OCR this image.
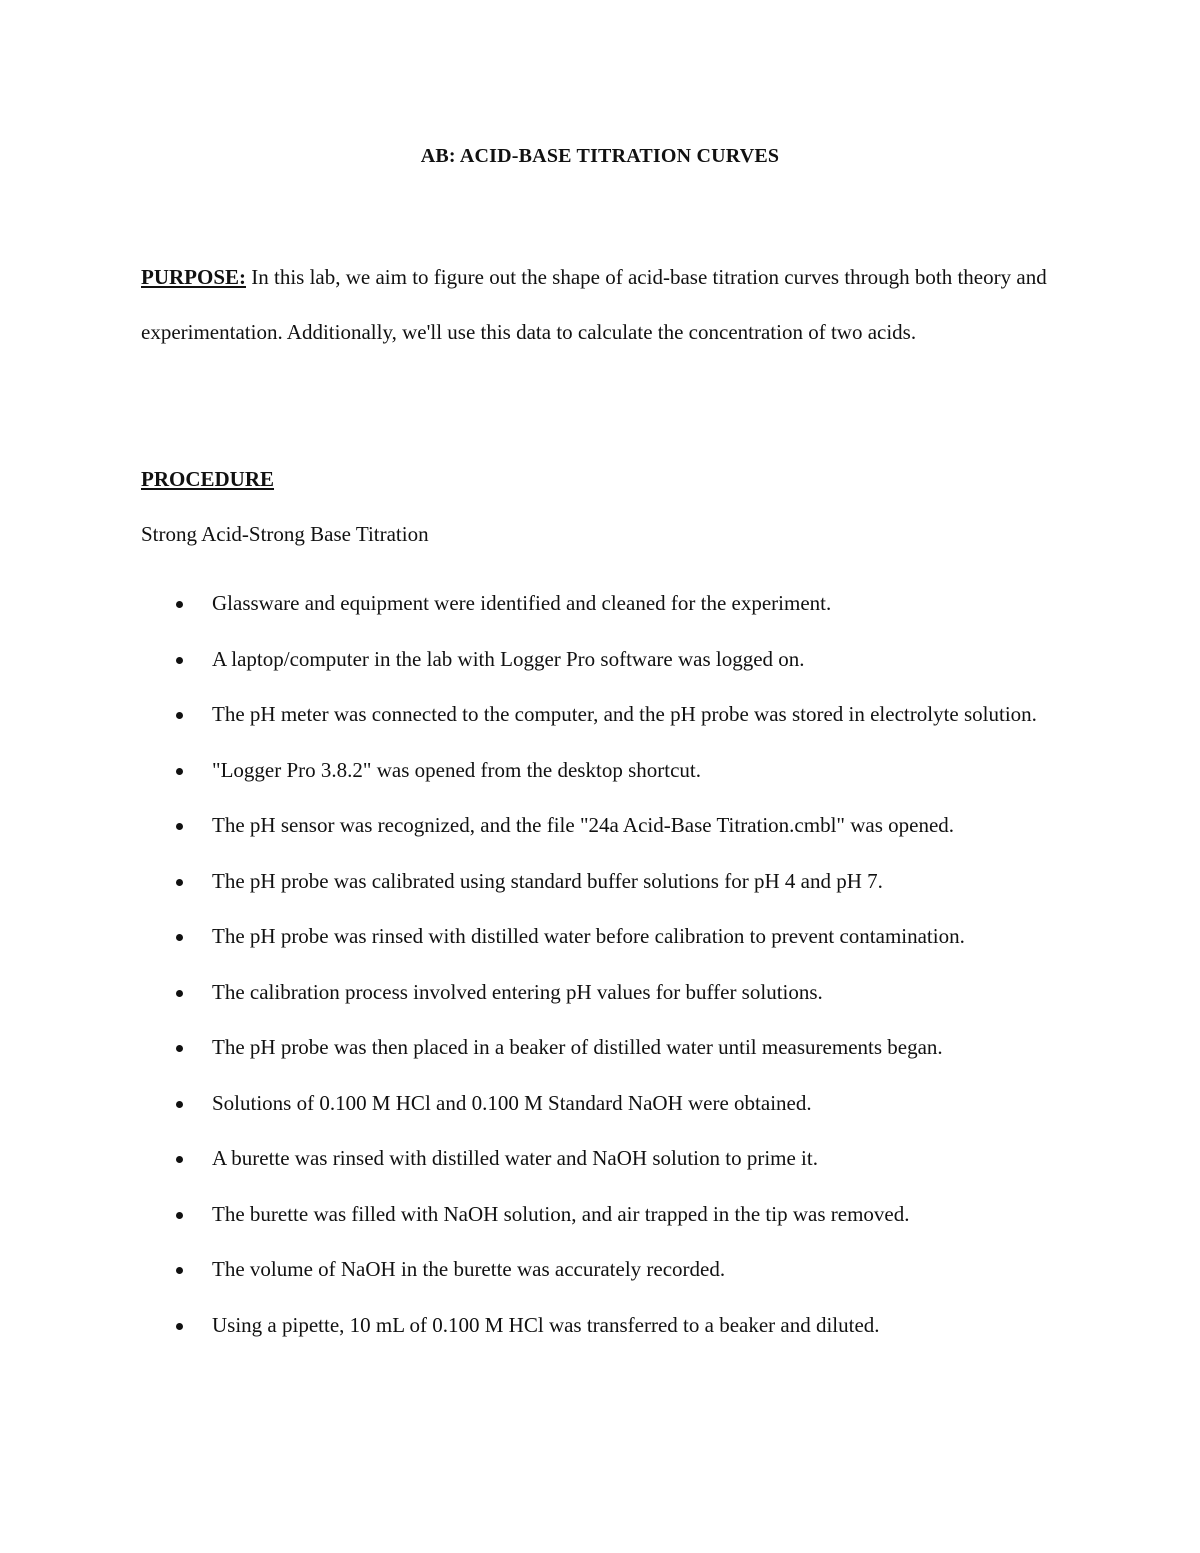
AB: ACID-BASE TITRATION CURVES
PURPOSE: In this lab, we aim to figure out the shape of acid-base titration curves through both theory and experimentation. Additionally, we'll use this data to calculate the concentration of two acids.
PROCEDURE
Strong Acid-Strong Base Titration
Glassware and equipment were identified and cleaned for the experiment.
A laptop/computer in the lab with Logger Pro software was logged on.
The pH meter was connected to the computer, and the pH probe was stored in electrolyte solution.
"Logger Pro 3.8.2" was opened from the desktop shortcut.
The pH sensor was recognized, and the file "24a Acid-Base Titration.cmbl" was opened.
The pH probe was calibrated using standard buffer solutions for pH 4 and pH 7.
The pH probe was rinsed with distilled water before calibration to prevent contamination.
The calibration process involved entering pH values for buffer solutions.
The pH probe was then placed in a beaker of distilled water until measurements began.
Solutions of 0.100 M HCl and 0.100 M Standard NaOH were obtained.
A burette was rinsed with distilled water and NaOH solution to prime it.
The burette was filled with NaOH solution, and air trapped in the tip was removed.
The volume of NaOH in the burette was accurately recorded.
Using a pipette, 10 mL of 0.100 M HCl was transferred to a beaker and diluted.
